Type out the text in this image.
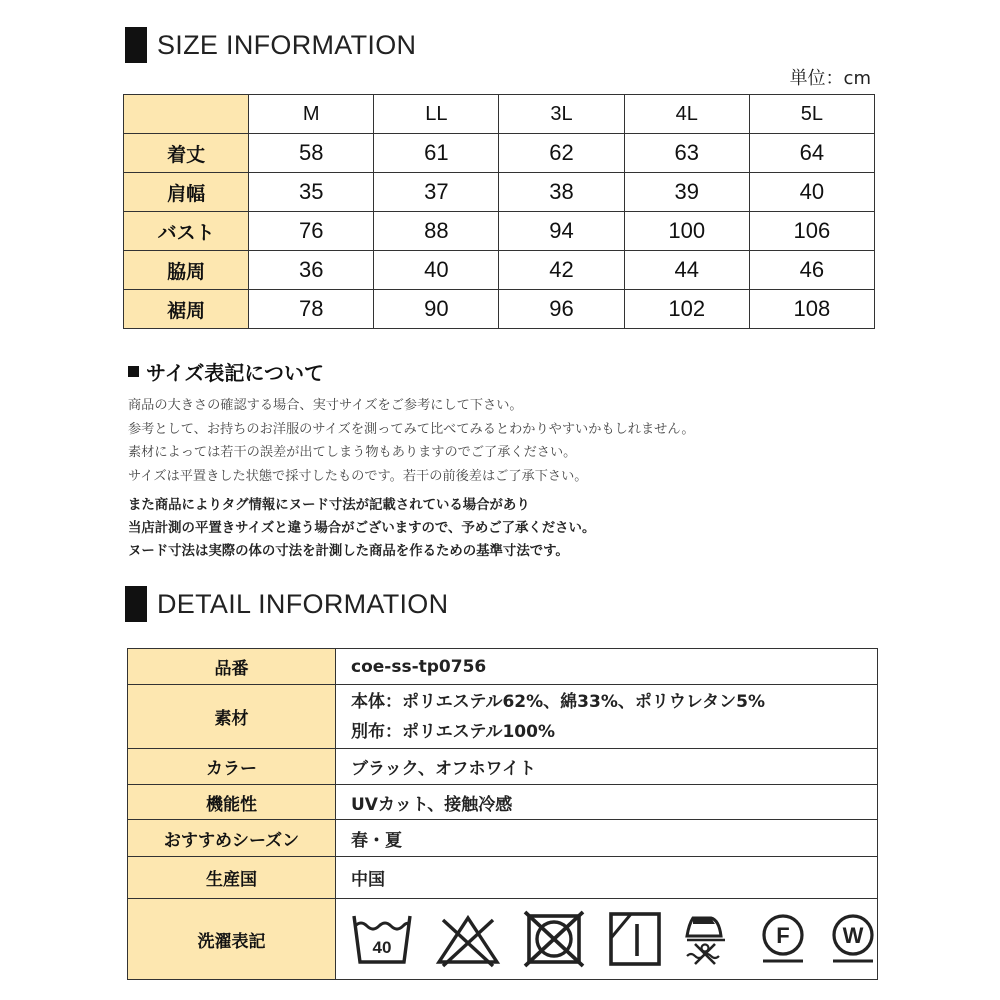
SIZE INFORMATION
単位：cm
	M	LL	3L	4L	5L
着丈	58	61	62	63	64
肩幅	35	37	38	39	40
バスト	76	88	94	100	106
脇周	36	40	42	44	46
裾周	78	90	96	102	108
サイズ表記について
商品の大きさの確認する場合、実寸サイズをご参考にして下さい。
参考として、お持ちのお洋服のサイズを測ってみて比べてみるとわかりやすいかもしれません。
素材によっては若干の誤差が出てしまう物もありますのでご了承ください。
サイズは平置きした状態で採寸したものです。若干の前後差はご了承下さい。
また商品によりタグ情報にヌード寸法が記載されている場合があり
当店計測の平置きサイズと違う場合がございますので、予めご了承ください。
ヌード寸法は実際の体の寸法を計測した商品を作るための基準寸法です。
DETAIL INFORMATION
品番	coe-ss-tp0756
素材	本体：ポリエステル62%、綿33%、ポリウレタン5%
別布：ポリエステル100%

カラー	ブラック、オフホワイト
機能性	UVカット、接触冷感
おすすめシーズン	春・夏
生産国	中国
洗濯表記	40 F W
